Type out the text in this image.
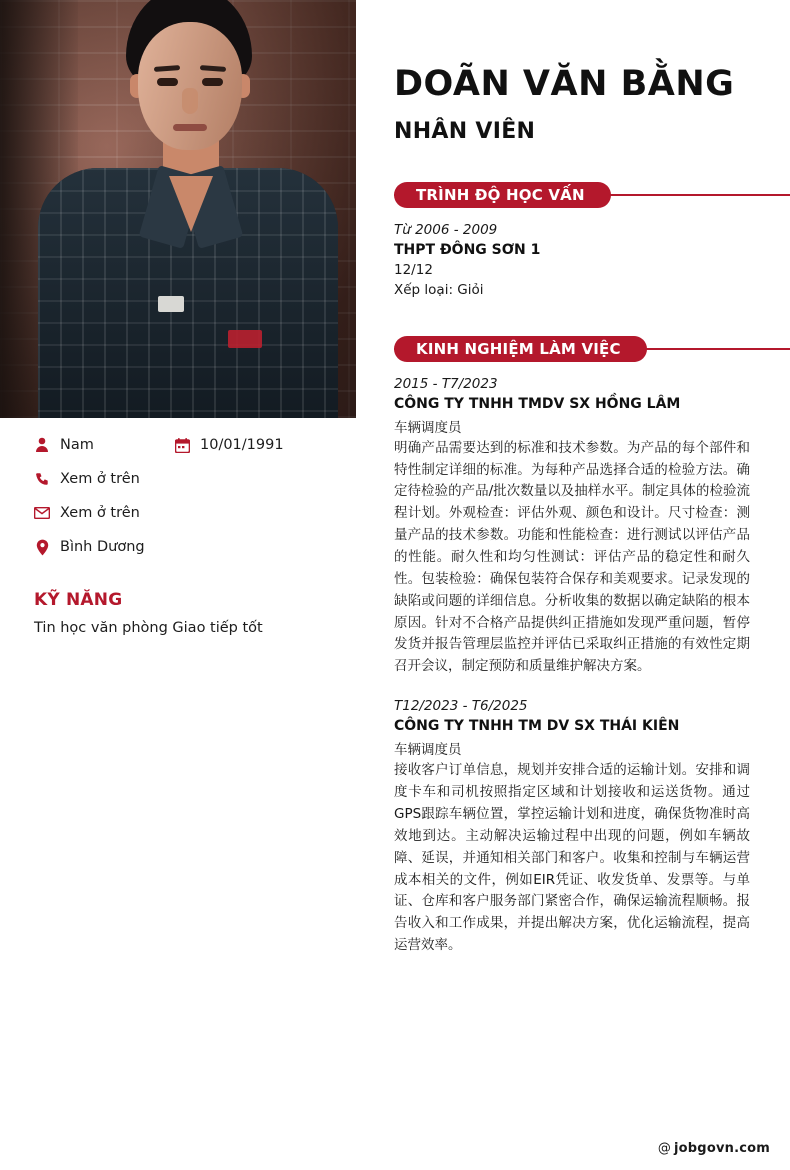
Nam	10/01/1991
Xem ở trên
Xem ở trên
Bình Dương
KỸ NĂNG
Tin học văn phòng Giao tiếp tốt
DOÃN VĂN BẰNG
NHÂN VIÊN
TRÌNH ĐỘ HỌC VẤN
Từ 2006 - 2009
THPT ĐÔNG SƠN 1
12/12
Xếp loại: Giỏi
KINH NGHIỆM LÀM VIỆC
2015 - T7/2023
CÔNG TY TNHH TMDV SX HỒNG LÂM
车辆调度员
明确产品需要达到的标准和技术参数。为产品的每个部件和特性制定详细的标准。为每种产品选择合适的检验方法。确定待检验的产品/批次数量以及抽样水平。制定具体的检验流程计划。外观检查：评估外观、颜色和设计。尺寸检查：测量产品的技术参数。功能和性能检查：进行测试以评估产品的性能。耐久性和均匀性测试：评估产品的稳定性和耐久性。包装检验：确保包装符合保存和美观要求。记录发现的缺陷或问题的详细信息。分析收集的数据以确定缺陷的根本原因。针对不合格产品提供纠正措施如发现严重问题，暂停发货并报告管理层监控并评估已采取纠正措施的有效性定期召开会议，制定预防和质量维护解决方案。
T12/2023 - T6/2025
CÔNG TY TNHH TM DV SX THÁI KIÊN
车辆调度员
接收客户订单信息，规划并安排合适的运输计划。安排和调度卡车和司机按照指定区域和计划接收和运送货物。通过GPS跟踪车辆位置，掌控运输计划和进度，确保货物准时高效地到达。主动解决运输过程中出现的问题，例如车辆故障、延误，并通知相关部门和客户。收集和控制与车辆运营成本相关的文件，例如EIR凭证、收发货单、发票等。与单证、仓库和客户服务部门紧密合作，确保运输流程顺畅。报告收入和工作成果，并提出解决方案，优化运输流程，提高运营效率。
@ jobgovn.com
